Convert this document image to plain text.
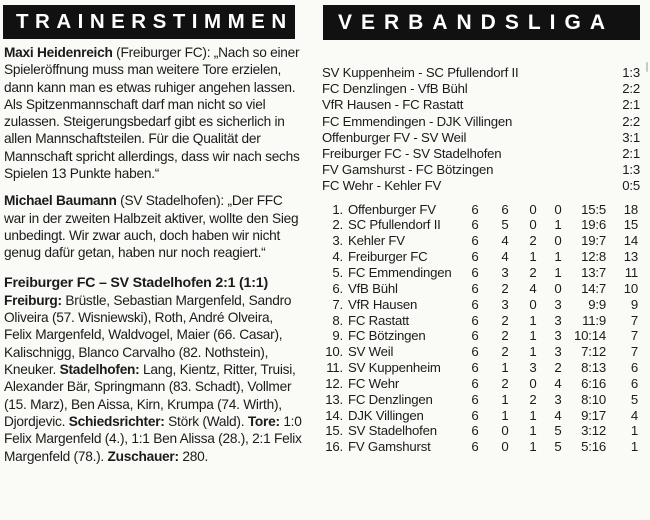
TRAINERSTIMMEN	VERBANDSLIGA

Maxi Heidenreich (Freiburger FC): „Nach so einer Spieleröffnung muss man weitere Tore erzielen, dann kann man es etwas ruhiger angehen lassen. Als Spitzenmannschaft darf man nicht so viel zulassen. Steigerungsbedarf gibt es sicherlich in allen Mannschaftsteilen. Für die Qualität der Mannschaft spricht allerdings, dass wir nach sechs Spielen 13 Punkte haben.“

Michael Baumann (SV Stadelhofen): „Der FFC war in der zweiten Halbzeit aktiver, wollte den Sieg unbedingt. Wir zwar auch, doch haben wir nicht genug dafür getan, haben nur noch reagiert.“

Freiburger FC – SV Stadelhofen 2:1 (1:1)

Freiburg: Brüstle, Sebastian Margenfeld, Sandro Oliveira (57. Wisniewski), Roth, André Olveira, Felix Margenfeld, Waldvogel, Maier (66. Casar), Kalischnigg, Blanco Carvalho (82. Nothstein), Kneuker. Stadelhofen: Lang, Kientz, Ritter, Truisi, Alexander Bär, Springmann (83. Schadt), Vollmer (15. Marz), Ben Aissa, Kirn, Krumpa (74. Wirth), Djordjevic. Schiedsrichter: Störk (Wald). Tore: 1:0 Felix Margenfeld (4.), 1:1 Ben Alissa (28.), 2:1 Felix Margenfeld (78.). Zuschauer: 280.

SV Kuppenheim - SC Pfullendorf II	1:3
FC Denzlingen - VfB Bühl	2:2
VfR Hausen - FC Rastatt	2:1
FC Emmendingen - DJK Villingen	2:2
Offenburger FV - SV Weil	3:1
Freiburger FC - SV Stadelhofen	2:1
FV Gamshurst - FC Bötzingen	1:3
FC Wehr - Kehler FV	0:5
1. Offenburger FV	6	6	0	0	15:5	18
2. SC Pfullendorf II	6	5	0	1	19:6	15
3. Kehler FV	6	4	2	0	19:7	14
4. Freiburger FC	6	4	1	1	12:8	13
5. FC Emmendingen	6	3	2	1	13:7	11
6. VfB Bühl	6	2	4	0	14:7	10
7. VfR Hausen	6	3	0	3	9:9	9
8. FC Rastatt	6	2	1	3	11:9	7
9. FC Bötzingen	6	2	1	3 10:14	7
10. SV Weil	6	2	1	3	7:12	7
11. SV Kuppenheim	6	1	3	2	8:13	6
12. FC Wehr	6	2	0	4	6:16	6
13. FC Denzlingen	6	1	2	3	8:10	5
14. DJK Villingen	6	1	1	4	9:17	4
15. SV Stadelhofen	6	0	1	5	3:12	1
16. FV Gamshurst	6	0	1	5	5:16	1
